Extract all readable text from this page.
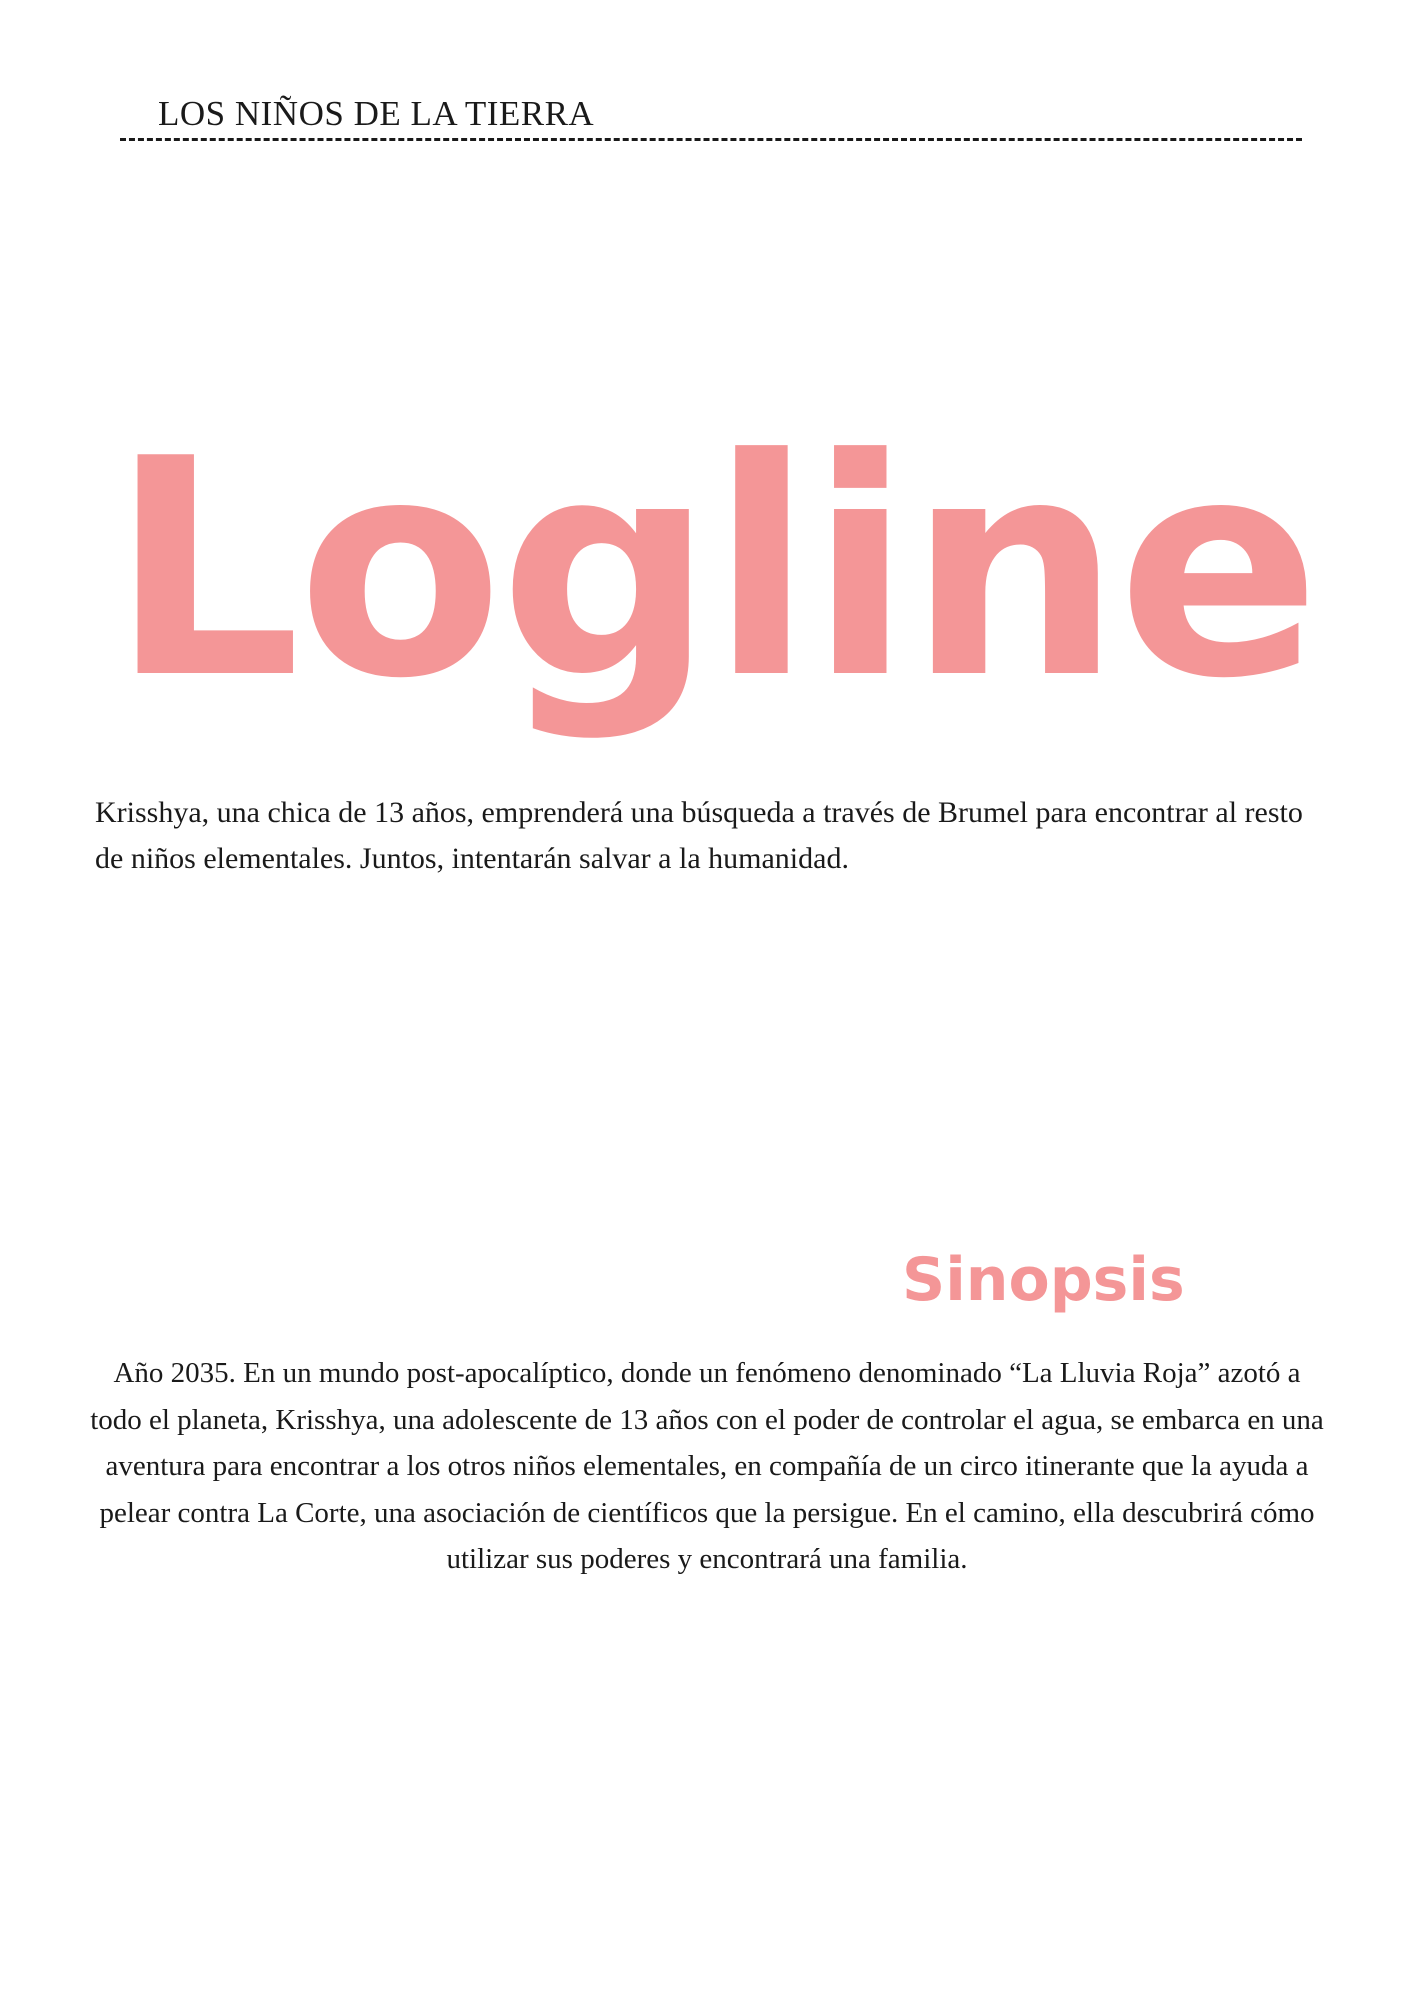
LOS NIÑOS DE LA TIERRA
Logline
Krisshya, una chica de 13 años, emprenderá una búsqueda a través de Brumel para encontrar al resto de niños elementales. Juntos, intentarán salvar a la humanidad.
Sinopsis

Año 2035. En un mundo post-apocalíptico, donde un fenómeno denominado “La Lluvia Roja” azotó a todo el planeta, Krisshya, una adolescente de 13 años con el poder de controlar el agua, se embarca en una aventura para encontrar a los otros niños elementales, en compañía de un circo itinerante que la ayuda a pelear contra La Corte, una asociación de científicos que la persigue. En el camino, ella descubrirá cómo utilizar sus poderes y encontrará una familia.
